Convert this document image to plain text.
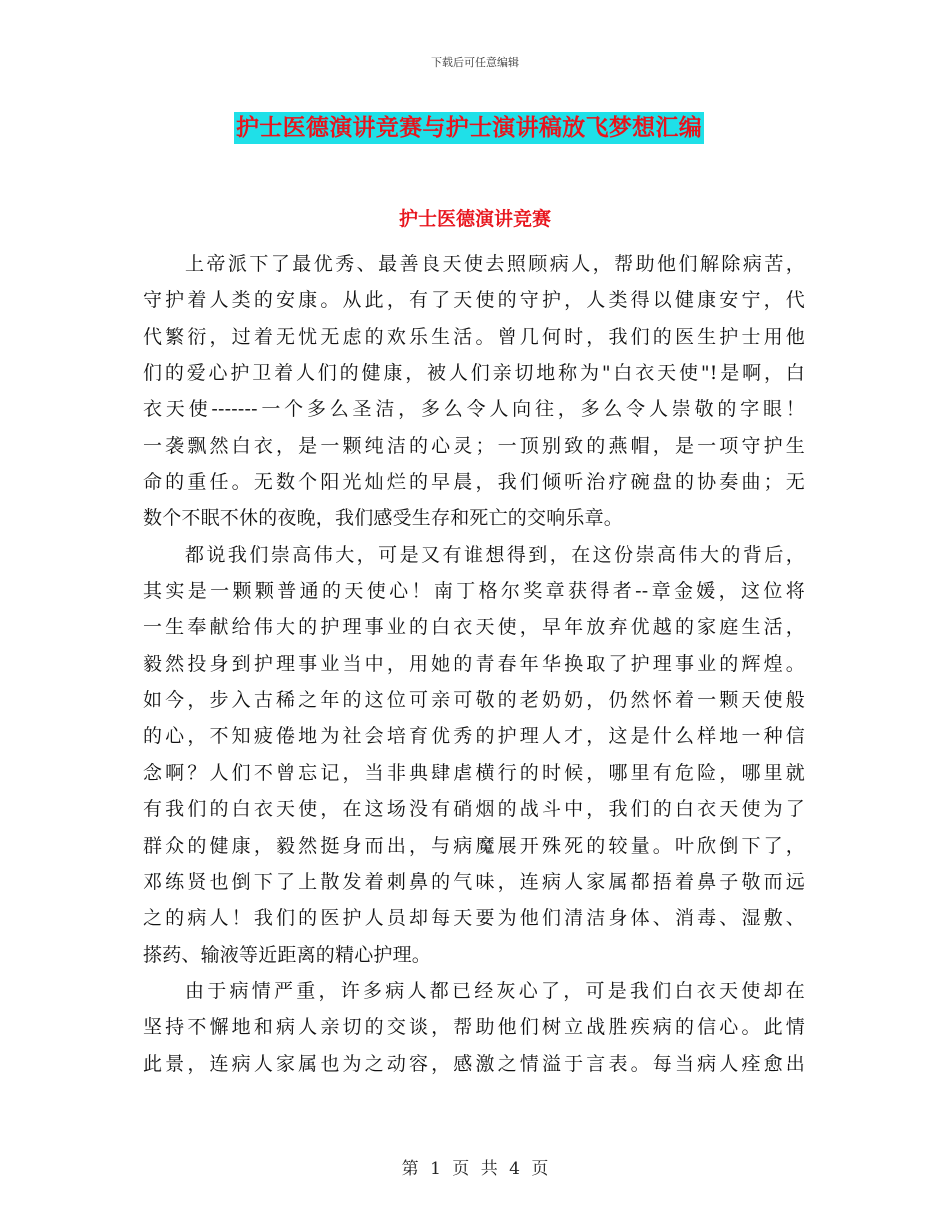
下载后可任意编辑
护士医德演讲竞赛与护士演讲稿放飞梦想汇编
护士医德演讲竞赛
上帝派下了最优秀、最善良天使去照顾病人，帮助他们解除病苦，
守护着人类的安康。从此，有了天使的守护，人类得以健康安宁，代
代繁衍，过着无忧无虑的欢乐生活。曾几何时，我们的医生护士用他
们的爱心护卫着人们的健康，被人们亲切地称为"白衣天使"!是啊，白
衣天使-------一个多么圣洁，多么令人向往，多么令人崇敬的字眼！
一袭飘然白衣，是一颗纯洁的心灵；一顶别致的燕帽，是一项守护生
命的重任。无数个阳光灿烂的早晨，我们倾听治疗碗盘的协奏曲；无
数个不眠不休的夜晚，我们感受生存和死亡的交响乐章。
都说我们崇高伟大，可是又有谁想得到，在这份崇高伟大的背后，
其实是一颗颗普通的天使心！南丁格尔奖章获得者--章金媛，这位将
一生奉献给伟大的护理事业的白衣天使，早年放弃优越的家庭生活，
毅然投身到护理事业当中，用她的青春年华换取了护理事业的辉煌。
如今，步入古稀之年的这位可亲可敬的老奶奶，仍然怀着一颗天使般
的心，不知疲倦地为社会培育优秀的护理人才，这是什么样地一种信
念啊？人们不曾忘记，当非典肆虐横行的时候，哪里有危险，哪里就
有我们的白衣天使，在这场没有硝烟的战斗中，我们的白衣天使为了
群众的健康，毅然挺身而出，与病魔展开殊死的较量。叶欣倒下了，
邓练贤也倒下了上散发着刺鼻的气味，连病人家属都捂着鼻子敬而远
之的病人！我们的医护人员却每天要为他们清洁身体、消毒、湿敷、
搽药、输液等近距离的精心护理。
由于病情严重，许多病人都已经灰心了，可是我们白衣天使却在
坚持不懈地和病人亲切的交谈，帮助他们树立战胜疾病的信心。此情
此景，连病人家属也为之动容，感激之情溢于言表。每当病人痊愈出
第 1 页 共 4 页
